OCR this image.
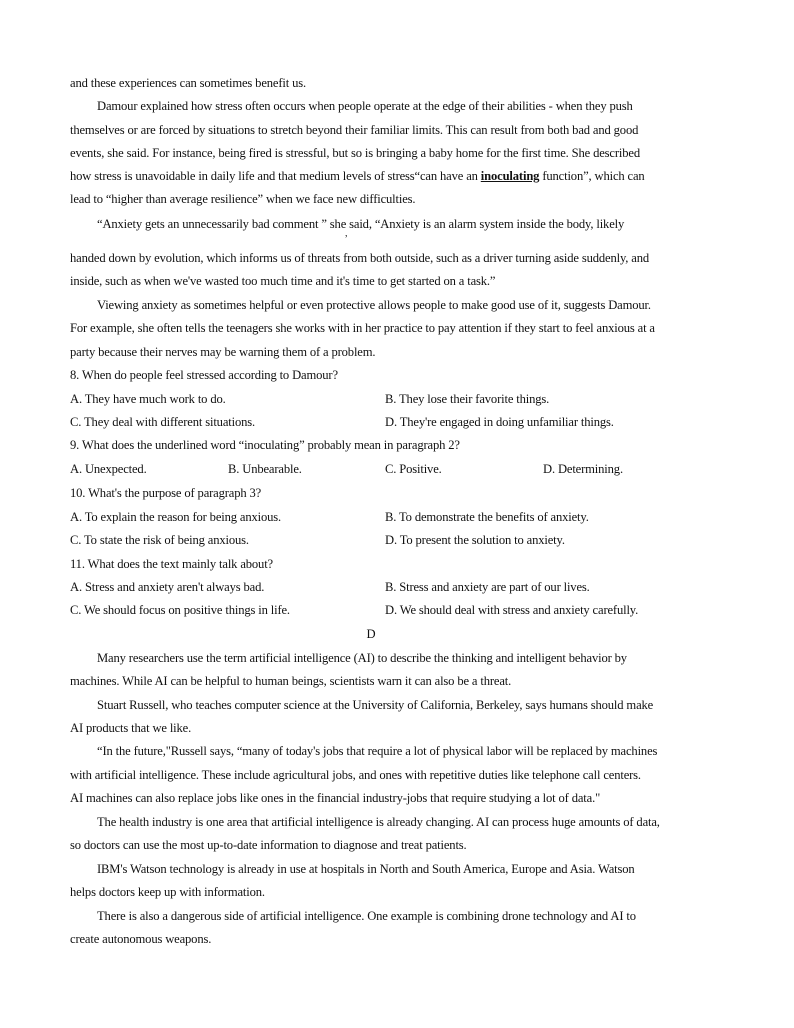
and these experiences can sometimes benefit us.
Damour explained how stress often occurs when people operate at the edge of their abilities - when they push
themselves or are forced by situations to stretch beyond their familiar limits. This can result from both bad and good
events, she said. For instance, being fired is stressful, but so is bringing a baby home for the first time. She described
how stress is unavoidable in daily life and that medium levels of stress“can have an inoculating function”, which can
lead to “higher than average resilience” when we face new difficulties.
“Anxiety gets an unnecessarily bad comment ” she said, “Anxiety is an alarm system inside the body, likely
,
handed down by evolution, which informs us of threats from both outside, such as a driver turning aside suddenly, and
inside, such as when we've wasted too much time and it's time to get started on a task.”
Viewing anxiety as sometimes helpful or even protective allows people to make good use of it, suggests Damour.
For example, she often tells the teenagers she works with in her practice to pay attention if they start to feel anxious at a
party because their nerves may be warning them of a problem.
8. When do people feel stressed according to Damour?
A. They have much work to do.	B. They lose their favorite things.
C. They deal with different situations.	D. They're engaged in doing unfamiliar things.
9. What does the underlined word “inoculating” probably mean in paragraph 2?
A. Unexpected.	B. Unbearable.	C. Positive.	D. Determining.
10. What's the purpose of paragraph 3?
A. To explain the reason for being anxious.	B. To demonstrate the benefits of anxiety.
C. To state the risk of being anxious.	D. To present the solution to anxiety.
11. What does the text mainly talk about?
A. Stress and anxiety aren't always bad.	B. Stress and anxiety are part of our lives.
C. We should focus on positive things in life.	D. We should deal with stress and anxiety carefully.
D
Many researchers use the term artificial intelligence (AI) to describe the thinking and intelligent behavior by
machines. While AI can be helpful to human beings, scientists warn it can also be a threat.
Stuart Russell, who teaches computer science at the University of California, Berkeley, says humans should make
AI products that we like.
“In the future,"Russell says, “many of today's jobs that require a lot of physical labor will be replaced by machines
with artificial intelligence. These include agricultural jobs, and ones with repetitive duties like telephone call centers.
AI machines can also replace jobs like ones in the financial industry-jobs that require studying a lot of data."
The health industry is one area that artificial intelligence is already changing. AI can process huge amounts of data,
so doctors can use the most up-to-date information to diagnose and treat patients.
IBM's Watson technology is already in use at hospitals in North and South America, Europe and Asia. Watson
helps doctors keep up with information.
There is also a dangerous side of artificial intelligence. One example is combining drone technology and AI to
create autonomous weapons.
